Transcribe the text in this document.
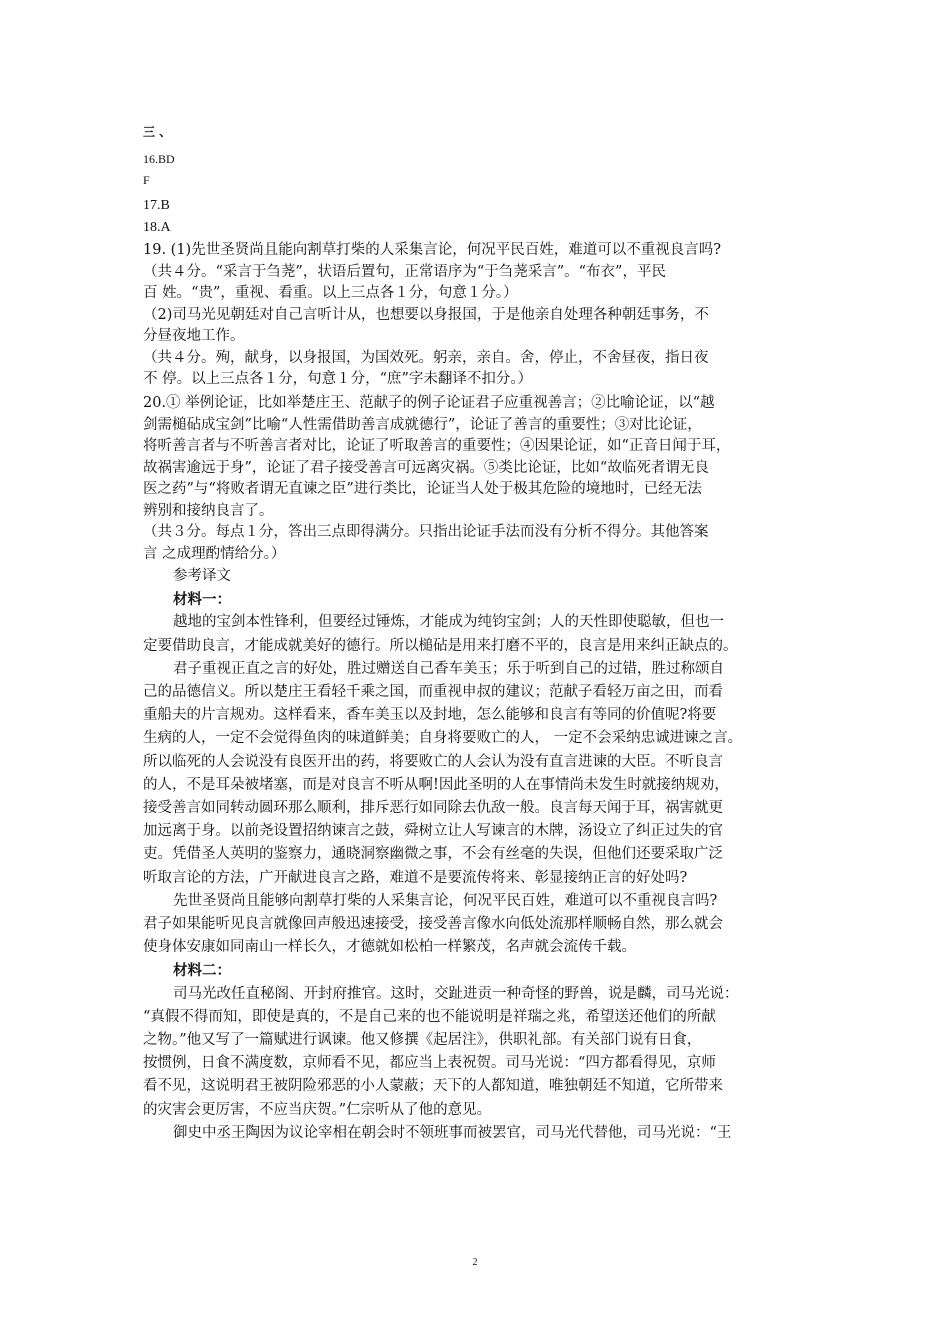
三 、
16.BD
F
17.B
18.A
19. (1)先世圣贤尚且能向割草打柴的人采集言论，何况平民百姓，难道可以不重视良言吗?
（共４分。“采言于刍荛”，状语后置句，正常语序为“于刍荛采言”。“布衣”，平民
百 姓。“贵”，重视、看重。以上三点各１分，句意１分。）
（2)司马光见朝廷对自己言听计从，也想要以身报国，于是他亲自处理各种朝廷事务，不
分昼夜地工作。
（共４分。殉，献身，以身报国，为国效死。躬亲，亲自。舍，停止，不舍昼夜，指日夜
不 停。以上三点各１分，句意１分，“庶”字未翻译不扣分。）
20.① 举例论证，比如举楚庄王、范献子的例子论证君子应重视善言；②比喻论证，以“越
剑需槌砧成宝剑”比喻“人性需借助善言成就德行”，论证了善言的重要性；③对比论证，
将听善言者与不听善言者对比，论证了听取善言的重要性；④因果论证，如“正音日闻于耳，
故祸害逾远于身”，论证了君子接受善言可远离灾祸。⑤类比论证，比如“故临死者谓无良
医之药”与“将败者谓无直谏之臣”进行类比，论证当人处于极其危险的境地时，已经无法
辨别和接纳良言了。
（共３分。每点１分，答出三点即得满分。只指出论证手法而没有分析不得分。其他答案
言 之成理酌情给分。）
参考译文
材料一：
越地的宝剑本性锋利，但要经过锤炼，才能成为纯钧宝剑；人的天性即使聪敏，但也一
定要借助良言，才能成就美好的德行。所以槌砧是用来打磨不平的，良言是用来纠正缺点的。
君子重视正直之言的好处，胜过赠送自己香车美玉；乐于听到自己的过错，胜过称颂自
己的品德信义。所以楚庄王看轻千乘之国，而重视申叔的建议；范献子看轻万亩之田，而看
重船夫的片言规劝。这样看来，香车美玉以及封地，怎么能够和良言有等同的价值呢?将要
生病的人，一定不会觉得鱼肉的味道鲜美；自身将要败亡的人， 一定不会采纳忠诚进谏之言。
所以临死的人会说没有良医开出的药，将要败亡的人会认为没有直言进谏的大臣。不听良言
的人，不是耳朵被堵塞，而是对良言不听从啊!因此圣明的人在事情尚未发生时就接纳规劝，
接受善言如同转动圆环那么顺利，排斥恶行如同除去仇敌一般。良言每天闻于耳，祸害就更
加远离于身。以前尧设置招纳谏言之鼓，舜树立让人写谏言的木牌，汤设立了纠正过失的官
吏。凭借圣人英明的鉴察力，通晓洞察幽微之事，不会有丝毫的失误，但他们还要采取广泛
听取言论的方法，广开献进良言之路，难道不是要流传将来、彰显接纳正言的好处吗?
先世圣贤尚且能够向割草打柴的人采集言论，何况平民百姓，难道可以不重视良言吗?
君子如果能听见良言就像回声般迅速接受，接受善言像水向低处流那样顺畅自然，那么就会
使身体安康如同南山一样长久，才德就如松柏一样繁茂，名声就会流传千载。
材料二：
司马光改任直秘阁、开封府推官。这时，交趾进贡一种奇怪的野兽，说是麟，司马光说：
“真假不得而知，即使是真的，不是自己来的也不能说明是祥瑞之兆，希望送还他们的所献
之物。”他又写了一篇赋进行讽谏。他又修撰《起居注》，供职礼部。有关部门说有日食，
按惯例，日食不满度数，京师看不见，都应当上表祝贺。司马光说：“四方都看得见，京师
看不见，这说明君王被阴险邪恶的小人蒙蔽；天下的人都知道，唯独朝廷不知道，它所带来
的灾害会更厉害，不应当庆贺。”仁宗听从了他的意见。
御史中丞王陶因为议论宰相在朝会时不领班事而被罢官，司马光代替他，司马光说：“王
2
